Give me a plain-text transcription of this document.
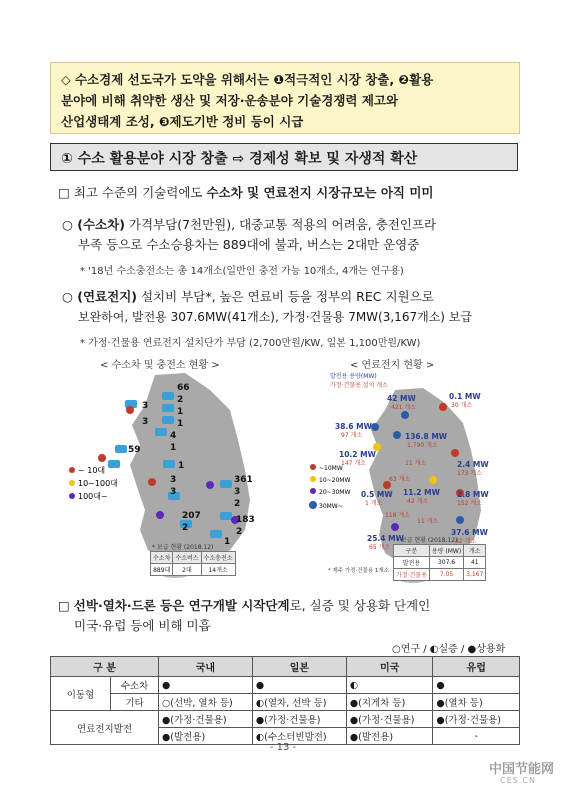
◇ 수소경제 선도국가 도약을 위해서는 ❶적극적인 시장 창출, ❷활용
분야에 비해 취약한 생산 및 저장·운송분야 기술경쟁력 제고와
산업생태계 조성, ❸제도기반 정비 등이 시급
① 수소 활용분야 시장 창출 ⇨ 경제성 확보 및 자생적 확산
□ 최고 수준의 기술력에도 수소차 및 연료전지 시장규모는 아직 미미
○ (수소차) 가격부담(7천만원), 대중교통 적용의 어려움, 충전인프라
부족 등으로 수소승용차는 889대에 불과, 버스는 2대만 운영중
* '18년 수소충전소는 총 14개소(일반인 충전 가능 10개소, 4개는 연구용)
○ (연료전지) 설치비 부담*, 높은 연료비 등을 정부의 REC 지원으로
보완하여, 발전용 307.6MW(41개소), 가정·건물용 7MW(3,167개소) 보급
* 가정·건물용 연료전지 설치단가 부담 (2,700만원/KW, 일본 1,100만원/KW)
< 수소차 및 충전소 현황 >
66
3
2
1
3	1
4
1
59
1
3
3
361
3
2
207
2
183
2
1
~ 10대
10~100대
100대~
* 보급 현황 (2018.12)
수소차	수소버스	수소충전소
889대	2대	14개소
< 연료전지 현황 >
발전용 용량(MW)
가정·건물용 설치 개소
42 MW
421 개소
0.1 MW
30 개소
38.6 MW
97 개소	136.8 MW
1,790 개소
10.2 MW
147 개소	11 개소	2.4 MW
173 개소
63 개소
0.5 MW
1 개소
11.2 MW
42 개소
2.8 MW
152 개소
118 개소
11 개소
37.6 MW
42 개소
25.4 MW
65 개소
~10MW
10~20MW
20~30MW
30MW~
* 보급 현황 (2018.12)
구분	용량 (MW)	개소
발전용	307.6	41
가정·건물용	7.05	3,167
* 제주 가정·건물용 1개소
□ 선박·열차·드론 등은 연구개발 시작단계로, 실증 및 상용화 단계인
미국·유럽 등에 비해 미흡
○연구 / ◐실증 / ●상용화
구 분		국내	일본	미국	유럽
이동형	수소차	●	●	◐	●
	기타	○(선박, 열차 등)	◐(열차, 선박 등)	●(지게차 등)	●(열차 등)
연료전지발전		●(가정·건물용)	●(가정·건물용)	●(가정·건물용)	●(가정·건물용)
		●(발전용)	◐(수소터빈발전)	●(발전용)	-
- 13 -
中国节能网
CES.CN
